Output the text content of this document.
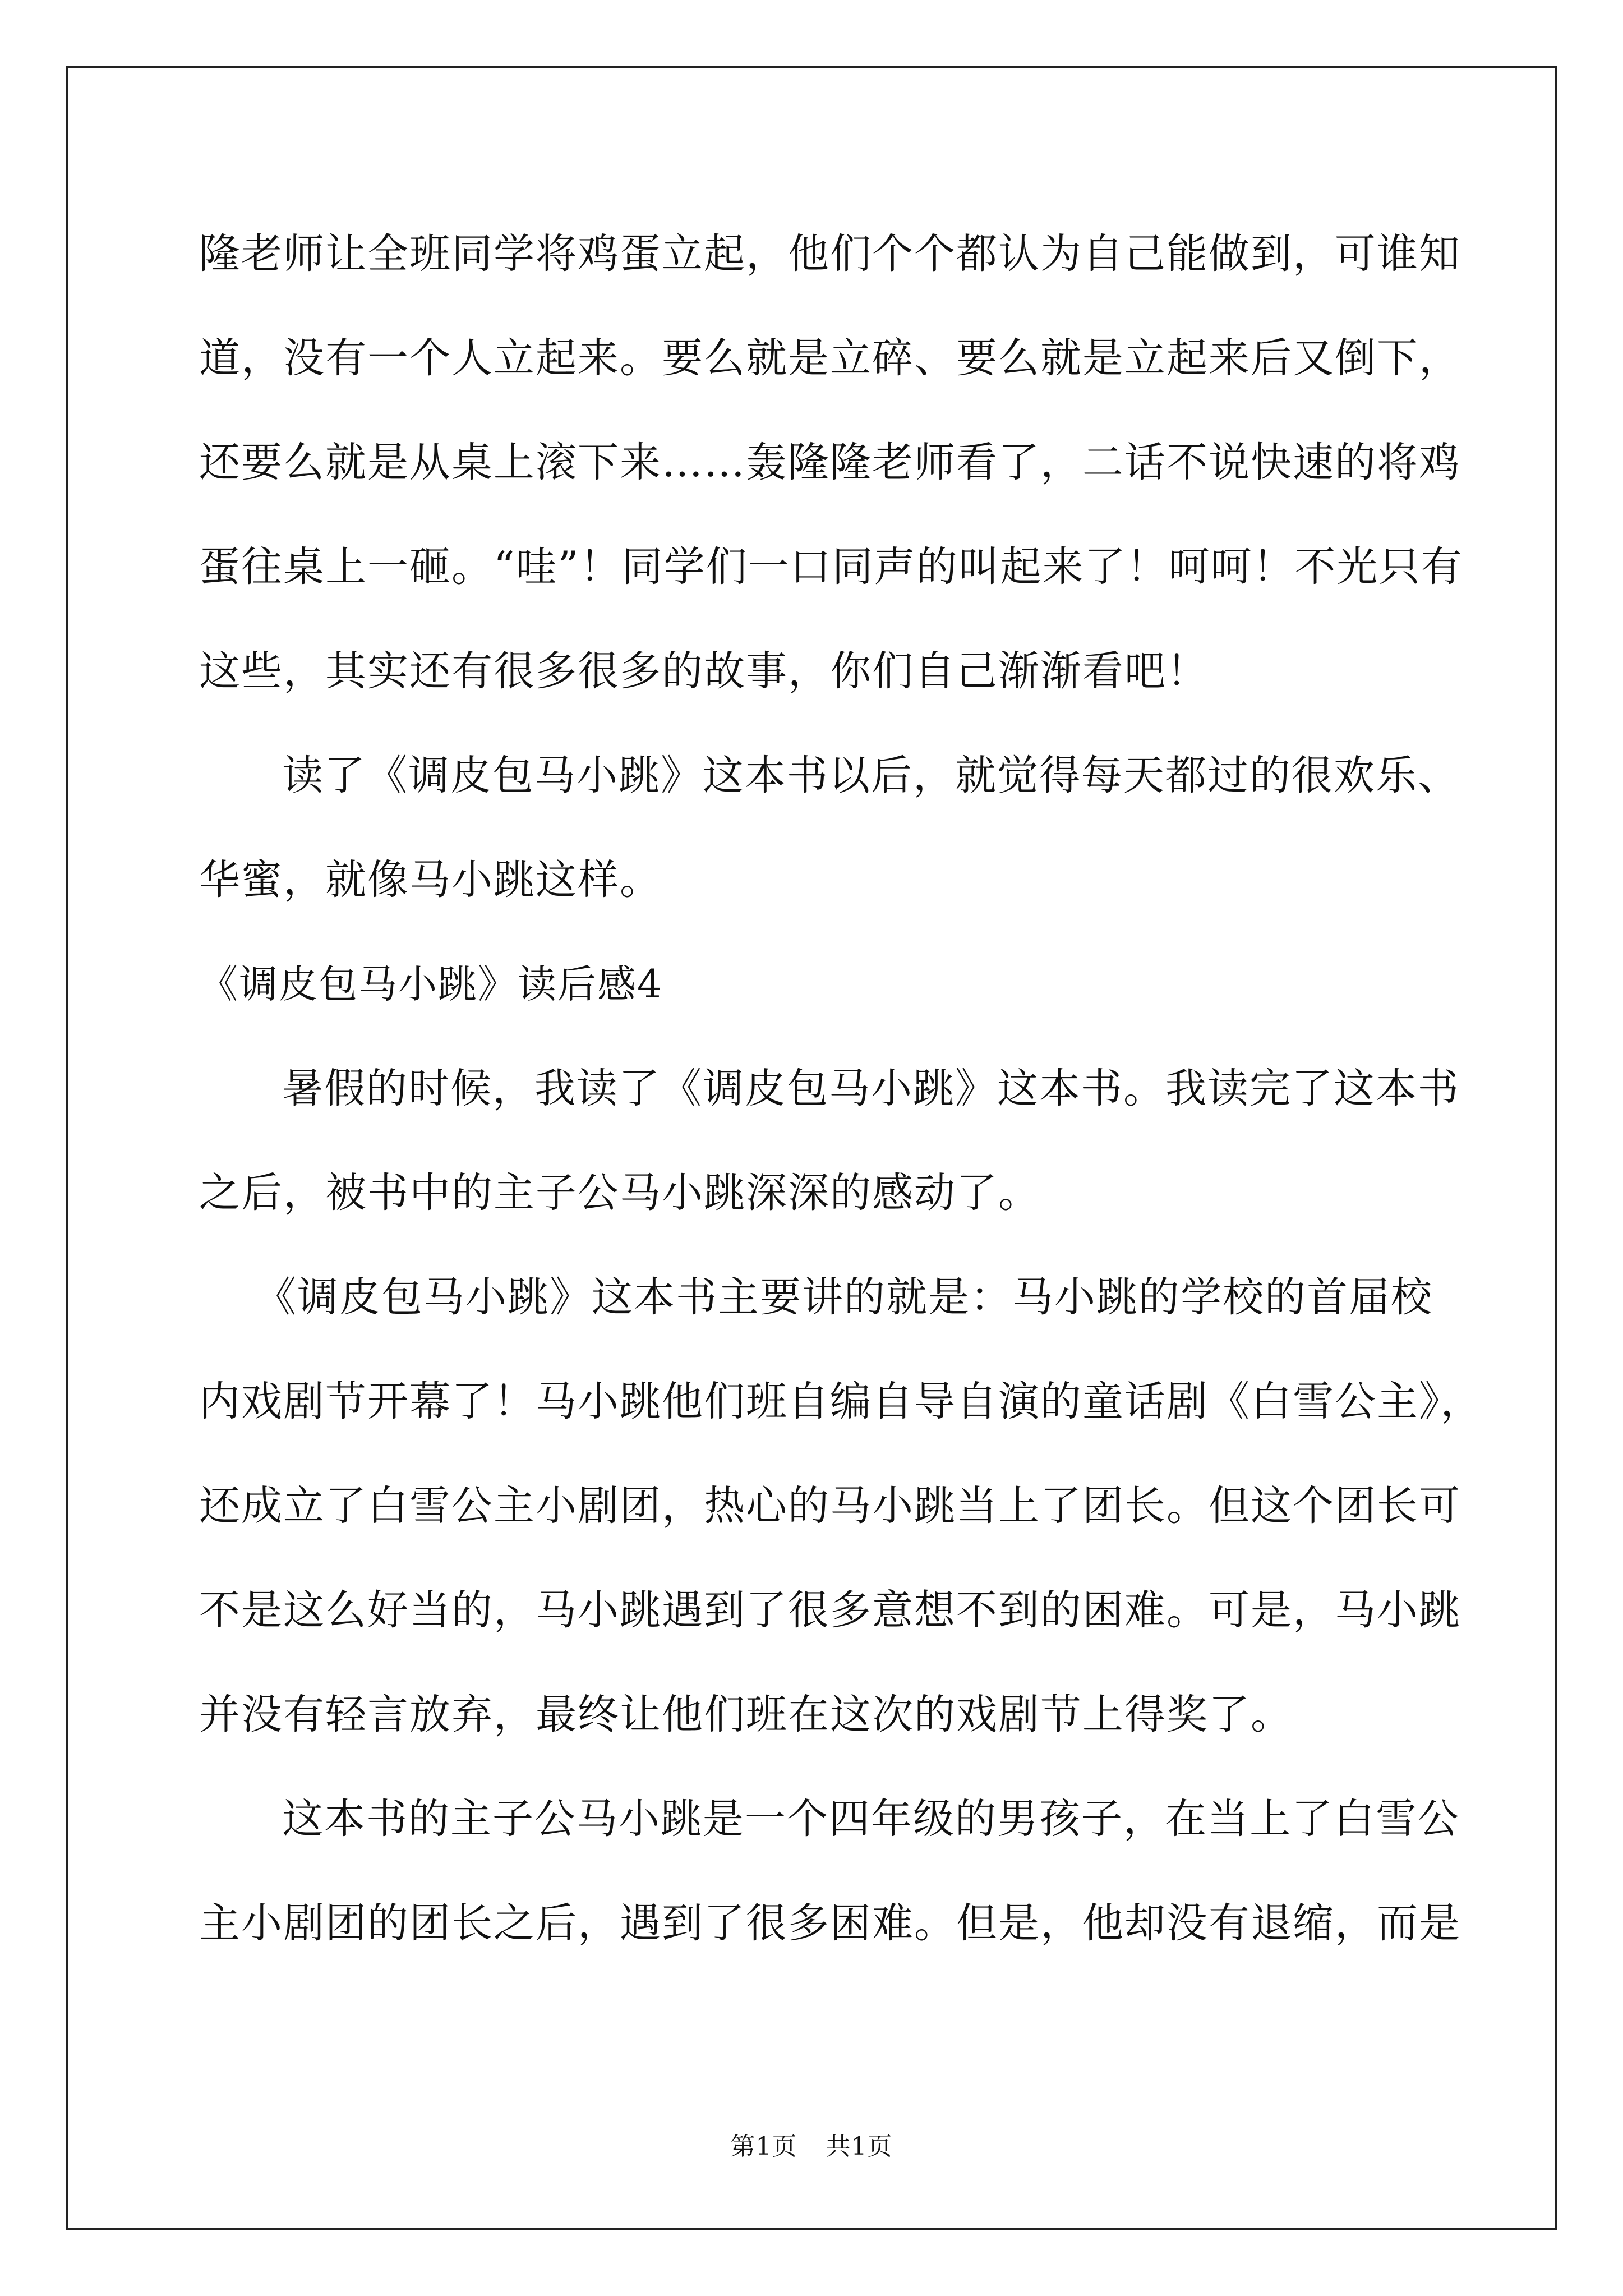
隆老师让全班同学将鸡蛋立起，他们个个都认为自己能做到，可谁知
道，没有一个人立起来。要么就是立碎、要么就是立起来后又倒下，
还要么就是从桌上滚下来……轰隆隆老师看了，二话不说快速的将鸡
蛋往桌上一砸。“哇”！同学们一口同声的叫起来了！呵呵！不光只有
这些，其实还有很多很多的故事，你们自己渐渐看吧！
读了《调皮包马小跳》这本书以后，就觉得每天都过的很欢乐、
华蜜，就像马小跳这样。
《调皮包马小跳》读后感4
暑假的时候，我读了《调皮包马小跳》这本书。我读完了这本书
之后，被书中的主子公马小跳深深的感动了。
《调皮包马小跳》这本书主要讲的就是：马小跳的学校的首届校
内戏剧节开幕了！马小跳他们班自编自导自演的童话剧《白雪公主》，
还成立了白雪公主小剧团，热心的马小跳当上了团长。但这个团长可
不是这么好当的，马小跳遇到了很多意想不到的困难。可是，马小跳
并没有轻言放弃，最终让他们班在这次的戏剧节上得奖了。
这本书的主子公马小跳是一个四年级的男孩子，在当上了白雪公
主小剧团的团长之后，遇到了很多困难。但是，他却没有退缩，而是
第1页 共1页
